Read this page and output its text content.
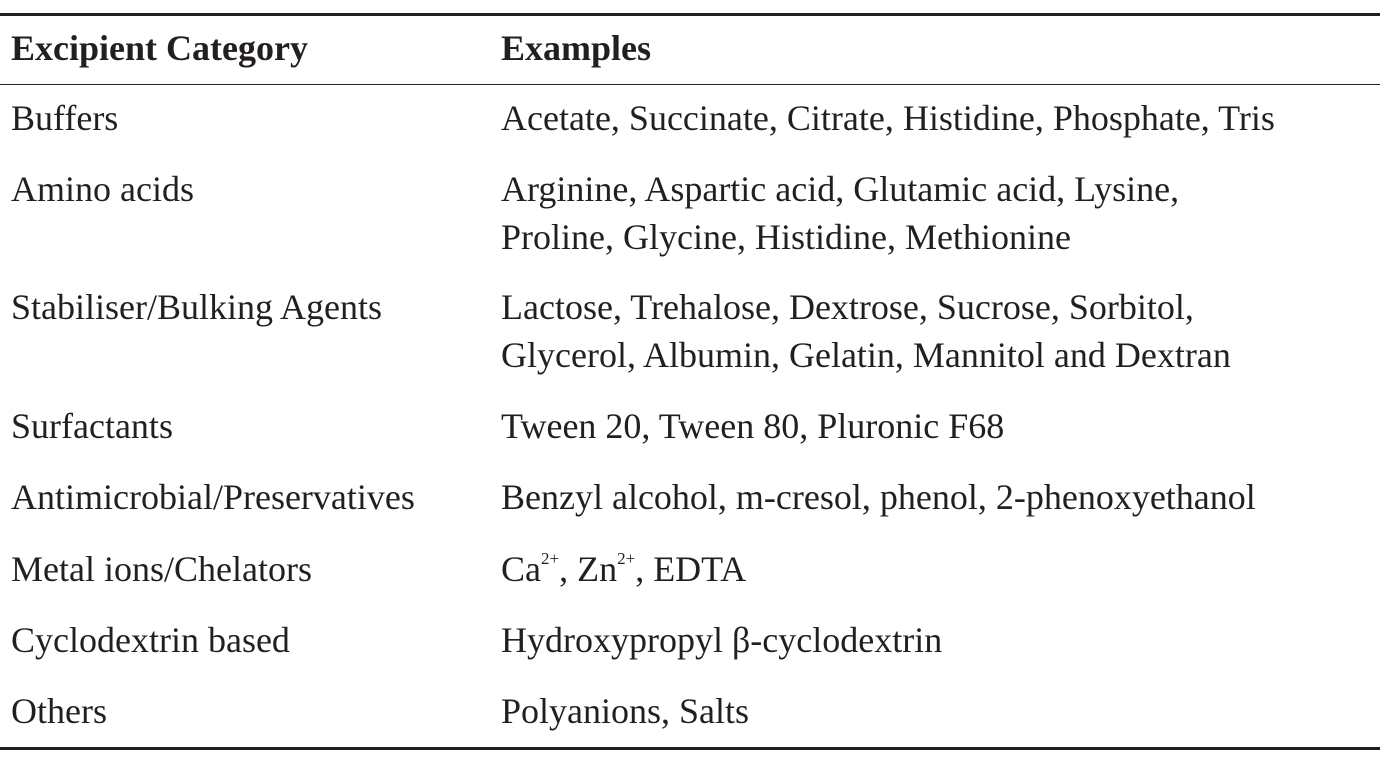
Excipient Category	Examples
Buffers	Acetate, Succinate, Citrate, Histidine, Phosphate, Tris
Amino acids	Arginine, Aspartic acid, Glutamic acid, Lysine,
Proline, Glycine, Histidine, Methionine
Stabiliser/Bulking Agents	Lactose, Trehalose, Dextrose, Sucrose, Sorbitol,
Glycerol, Albumin, Gelatin, Mannitol and Dextran
Surfactants	Tween 20, Tween 80, Pluronic F68
Antimicrobial/Preservatives Benzyl alcohol, m-cresol, phenol, 2-phenoxyethanol
Metal ions/Chelators	$Ca^{2+}$, $Zn^{2+}$, EDTA
Cyclodextrin based	Hydroxypropyl β-cyclodextrin
Others	Polyanions, Salts
